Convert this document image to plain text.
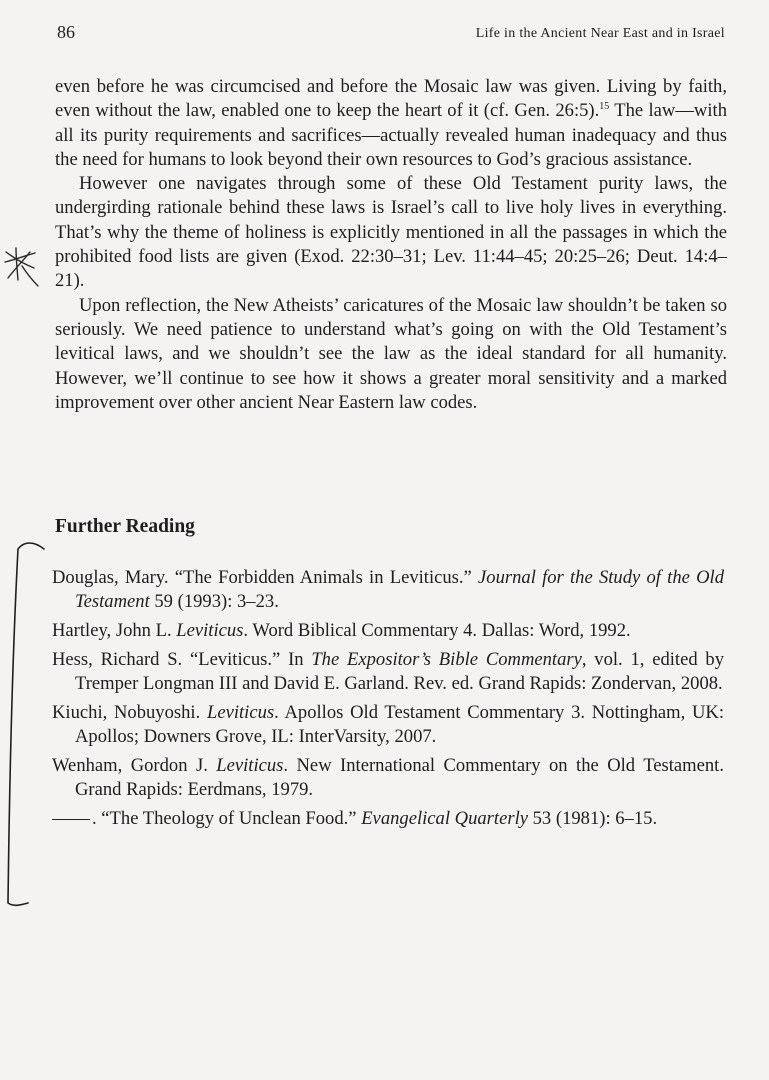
86	Life in the Ancient Near East and in Israel

even before he was circumcised and before the Mosaic law was given. Living by faith, even without the law, enabled one to keep the heart of it (cf. Gen. 26:5).$^{15}$ The law—with all its purity requirements and sacrifices—actually revealed human inadequacy and thus the need for humans to look beyond their own resources to God’s gracious assistance.

However one navigates through some of these Old Testament purity laws, the undergirding rationale behind these laws is Israel’s call to live holy lives in everything. That’s why the theme of holiness is explicitly mentioned in all the passages in which the prohibited food lists are given (Exod. 22:30–31; Lev. 11:44–45; 20:25–26; Deut. 14:4–21).

Upon reflection, the New Atheists’ caricatures of the Mosaic law shouldn’t be taken so seriously. We need patience to understand what’s going on with the Old Testament’s levitical laws, and we shouldn’t see the law as the ideal standard for all humanity. However, we’ll continue to see how it shows a greater moral sensitivity and a marked improvement over other ancient Near Eastern law codes.

Further Reading

Douglas, Mary. “The Forbidden Animals in Leviticus.” Journal for the Study of the Old Testament 59 (1993): 3–23.

Hartley, John L. Leviticus. Word Biblical Commentary 4. Dallas: Word, 1992.

Hess, Richard S. “Leviticus.” In The Expositor’s Bible Commentary, vol. 1, edited by Tremper Longman III and David E. Garland. Rev. ed. Grand Rapids: Zondervan, 2008.

Kiuchi, Nobuyoshi. Leviticus. Apollos Old Testament Commentary 3. Nottingham, UK: Apollos; Downers Grove, IL: InterVarsity, 2007.

Wenham, Gordon J. Leviticus. New International Commentary on the Old Testament. Grand Rapids: Eerdmans, 1979.

. “The Theology of Unclean Food.” Evangelical Quarterly 53 (1981): 6–15.
